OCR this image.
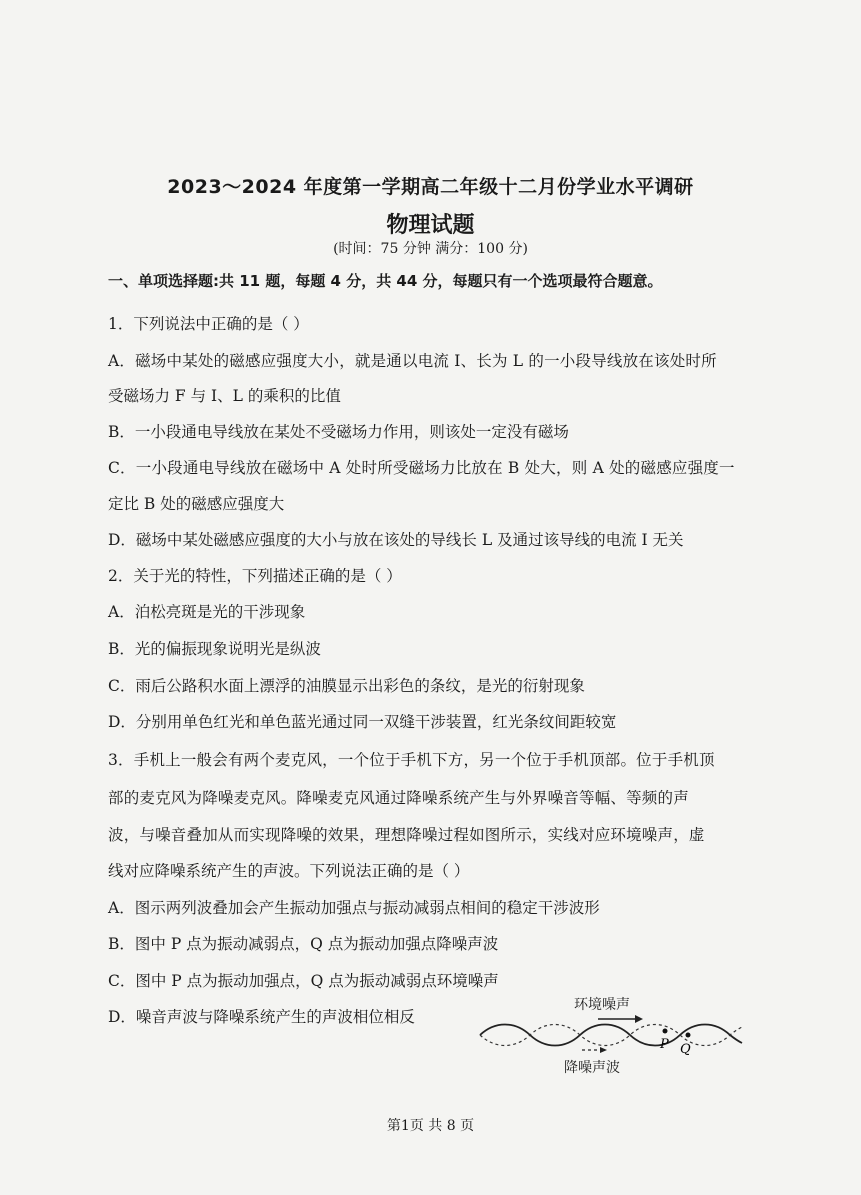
2023～2024 年度第一学期高二年级十二月份学业水平调研
物理试题
(时间：75 分钟 满分：100 分)
一、单项选择题:共 11 题，每题 4 分，共 44 分，每题只有一个选项最符合题意。
1．下列说法中正确的是（ ）
A．磁场中某处的磁感应强度大小，就是通以电流 I、长为 L 的一小段导线放在该处时所
受磁场力 F 与 I、L 的乘积的比值
B．一小段通电导线放在某处不受磁场力作用，则该处一定没有磁场
C．一小段通电导线放在磁场中 A 处时所受磁场力比放在 B 处大，则 A 处的磁感应强度一
定比 B 处的磁感应强度大
D．磁场中某处磁感应强度的大小与放在该处的导线长 L 及通过该导线的电流 I 无关
2．关于光的特性，下列描述正确的是（ ）
A．泊松亮斑是光的干涉现象
B．光的偏振现象说明光是纵波
C．雨后公路积水面上漂浮的油膜显示出彩色的条纹，是光的衍射现象
D．分别用单色红光和单色蓝光通过同一双缝干涉装置，红光条纹间距较宽
3．手机上一般会有两个麦克风，一个位于手机下方，另一个位于手机顶部。位于手机顶
部的麦克风为降噪麦克风。降噪麦克风通过降噪系统产生与外界噪音等幅、等频的声
波，与噪音叠加从而实现降噪的效果，理想降噪过程如图所示，实线对应环境噪声，虚
线对应降噪系统产生的声波。下列说法正确的是（ ）
A．图示两列波叠加会产生振动加强点与振动减弱点相间的稳定干涉波形
B．图中 P 点为振动减弱点，Q 点为振动加强点降噪声波
C．图中 P 点为振动加强点，Q 点为振动减弱点环境噪声
D．噪音声波与降噪系统产生的声波相位相反
环境噪声
降噪声波
P Q
第1页 共 8 页
